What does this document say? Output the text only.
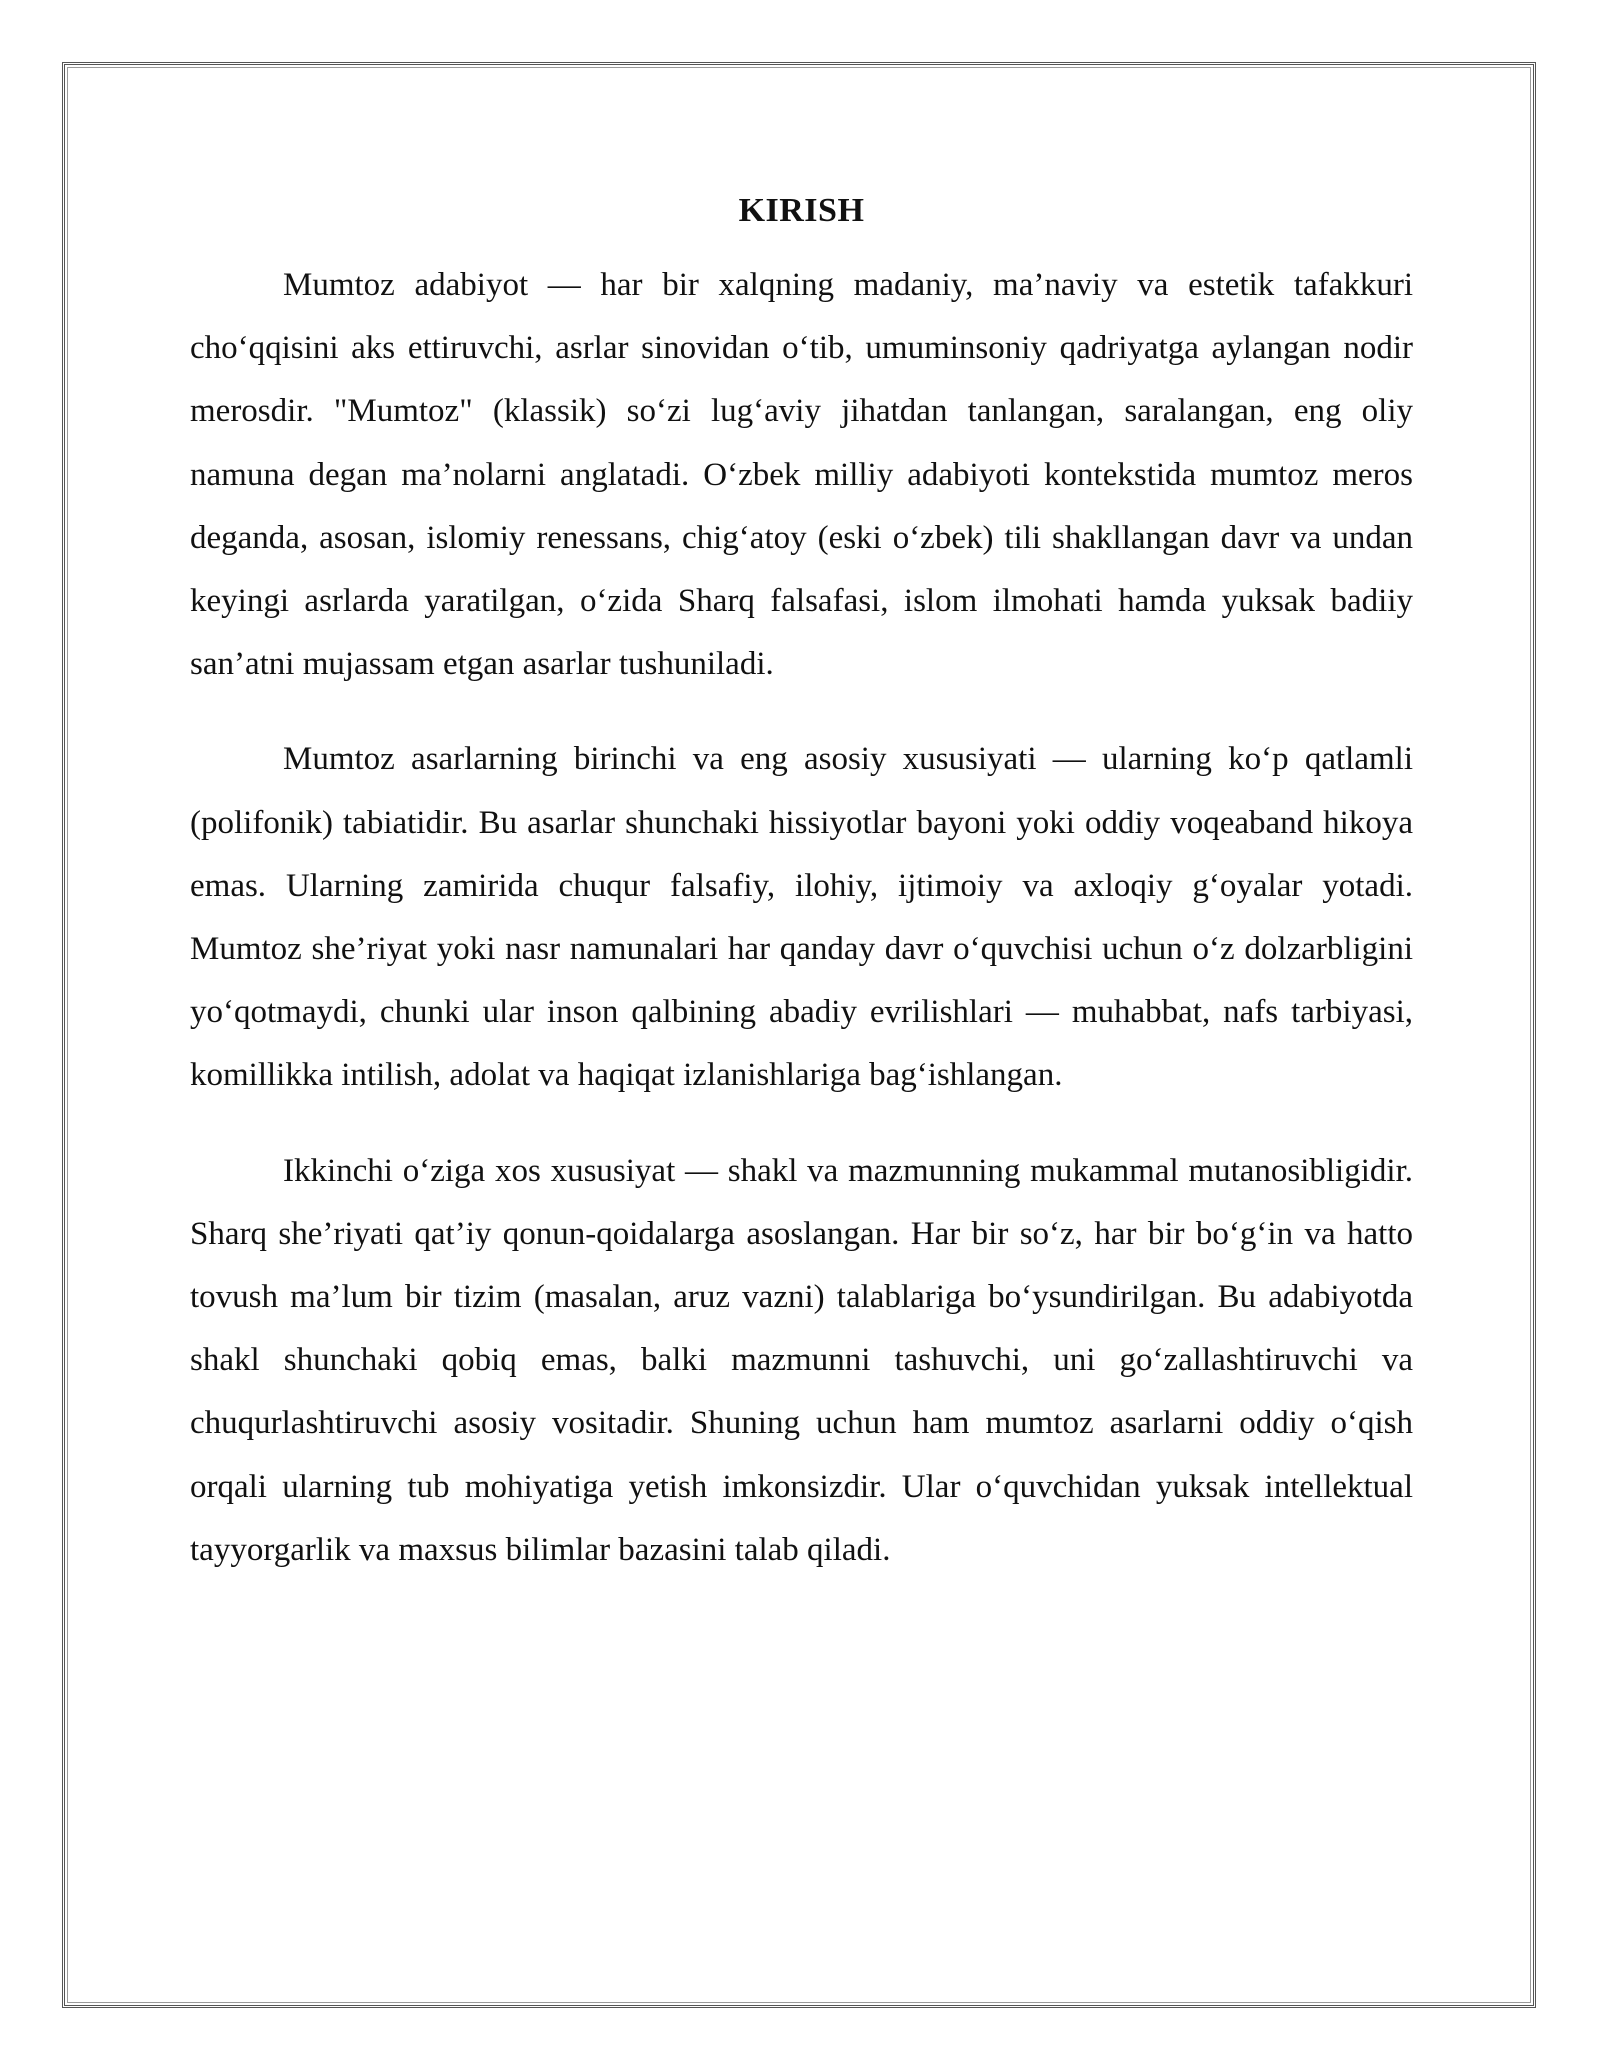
KIRISH

Mumtoz adabiyot — har bir xalqning madaniy, ma’naviy va estetik tafakkuri cho‘qqisini aks ettiruvchi, asrlar sinovidan o‘tib, umuminsoniy qadriyatga aylangan nodir merosdir. "Mumtoz" (klassik) so‘zi lug‘aviy jihatdan tanlangan, saralangan, eng oliy namuna degan ma’nolarni anglatadi. O‘zbek milliy adabiyoti kontekstida mumtoz meros deganda, asosan, islomiy renessans, chig‘atoy (eski o‘zbek) tili shakllangan davr va undan keyingi asrlarda yaratilgan, o‘zida Sharq falsafasi, islom ilmohati hamda yuksak badiiy san’atni mujassam etgan asarlar tushuniladi.

Mumtoz asarlarning birinchi va eng asosiy xususiyati — ularning ko‘p qatlamli (polifonik) tabiatidir. Bu asarlar shunchaki hissiyotlar bayoni yoki oddiy voqeaband hikoya emas. Ularning zamirida chuqur falsafiy, ilohiy, ijtimoiy va axloqiy g‘oyalar yotadi. Mumtoz she’riyat yoki nasr namunalari har qanday davr o‘quvchisi uchun o‘z dolzarbligini yo‘qotmaydi, chunki ular inson qalbining abadiy evrilishlari — muhabbat, nafs tarbiyasi, komillikka intilish, adolat va haqiqat izlanishlariga bag‘ishlangan.

Ikkinchi o‘ziga xos xususiyat — shakl va mazmunning mukammal mutanosibligidir. Sharq she’riyati qat’iy qonun-qoidalarga asoslangan. Har bir so‘z, har bir bo‘g‘in va hatto tovush ma’lum bir tizim (masalan, aruz vazni) talablariga bo‘ysundirilgan. Bu adabiyotda shakl shunchaki qobiq emas, balki mazmunni tashuvchi, uni go‘zallashtiruvchi va chuqurlashtiruvchi asosiy vositadir. Shuning uchun ham mumtoz asarlarni oddiy o‘qish orqali ularning tub mohiyatiga yetish imkonsizdir. Ular o‘quvchidan yuksak intellektual tayyorgarlik va maxsus bilimlar bazasini talab qiladi.
